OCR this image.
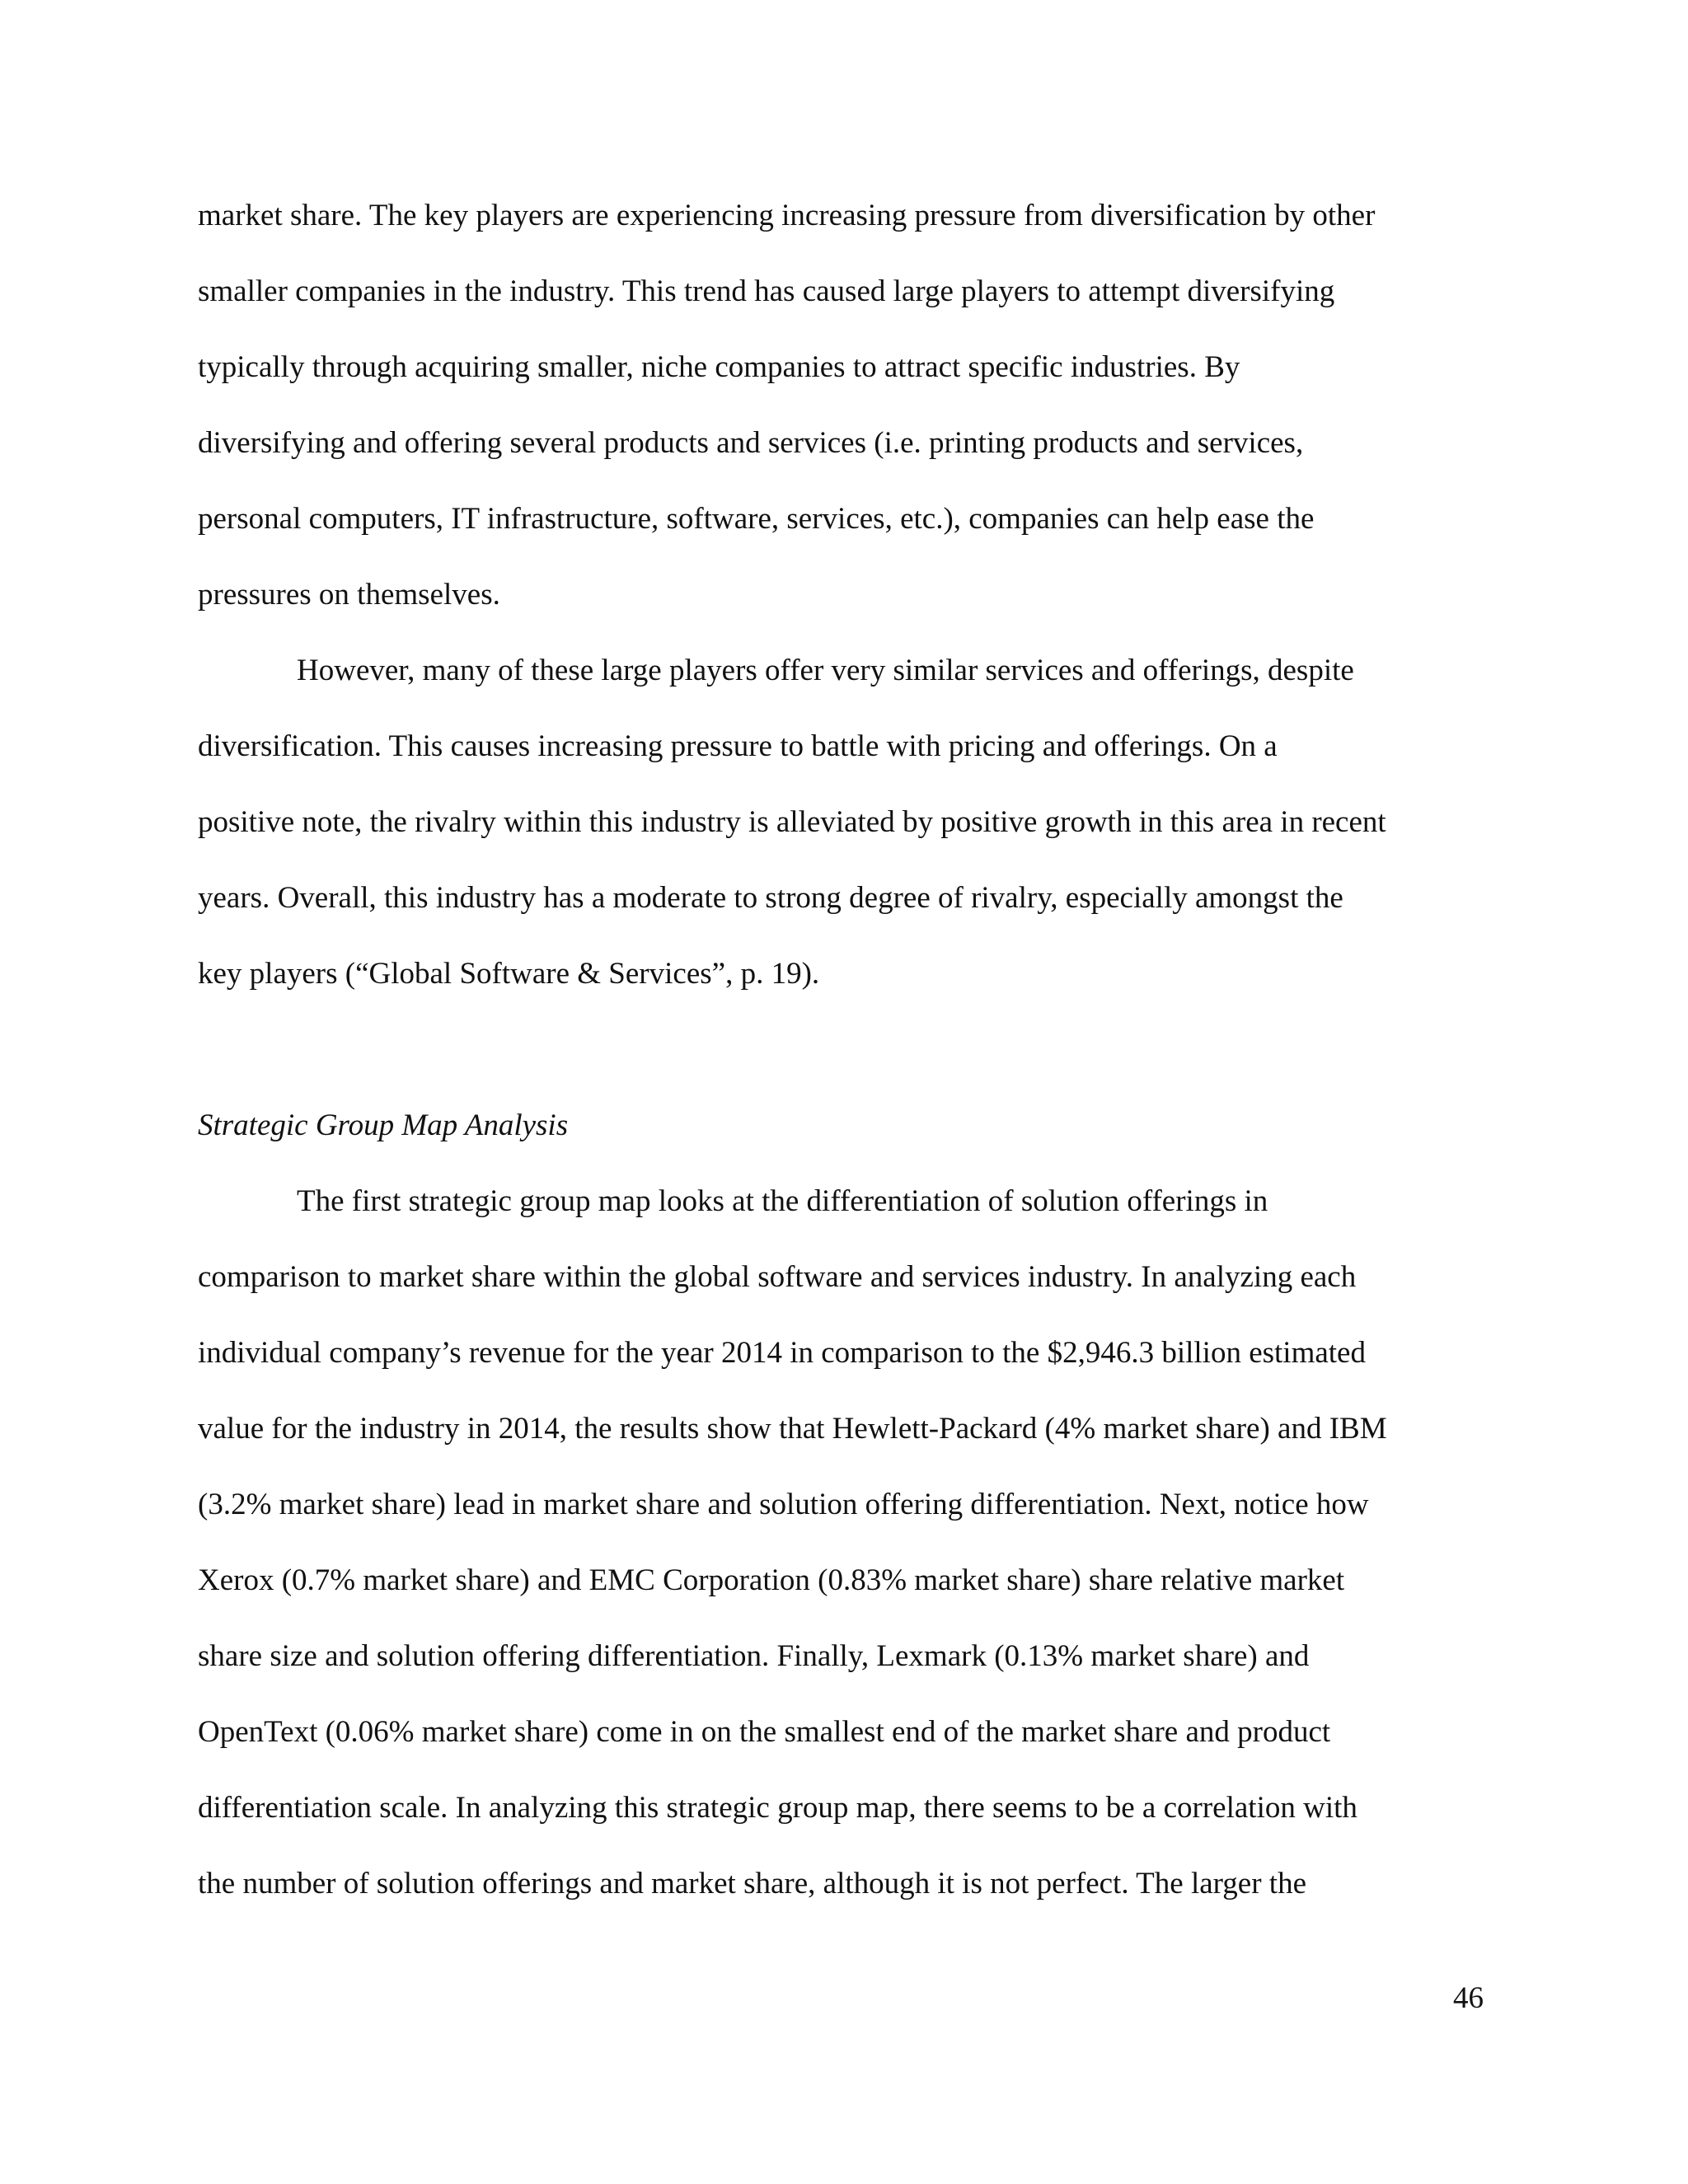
market share. The key players are experiencing increasing pressure from diversification by other
smaller companies in the industry. This trend has caused large players to attempt diversifying
typically through acquiring smaller, niche companies to attract specific industries. By
diversifying and offering several products and services (i.e. printing products and services,
personal computers, IT infrastructure, software, services, etc.), companies can help ease the
pressures on themselves.
However, many of these large players offer very similar services and offerings, despite
diversification. This causes increasing pressure to battle with pricing and offerings. On a
positive note, the rivalry within this industry is alleviated by positive growth in this area in recent
years. Overall, this industry has a moderate to strong degree of rivalry, especially amongst the
key players (“Global Software & Services”, p. 19).
Strategic Group Map Analysis
The first strategic group map looks at the differentiation of solution offerings in
comparison to market share within the global software and services industry. In analyzing each
individual company’s revenue for the year 2014 in comparison to the $2,946.3 billion estimated
value for the industry in 2014, the results show that Hewlett-Packard (4% market share) and IBM
(3.2% market share) lead in market share and solution offering differentiation. Next, notice how
Xerox (0.7% market share) and EMC Corporation (0.83% market share) share relative market
share size and solution offering differentiation. Finally, Lexmark (0.13% market share) and
OpenText (0.06% market share) come in on the smallest end of the market share and product
differentiation scale. In analyzing this strategic group map, there seems to be a correlation with
the number of solution offerings and market share, although it is not perfect. The larger the
46
